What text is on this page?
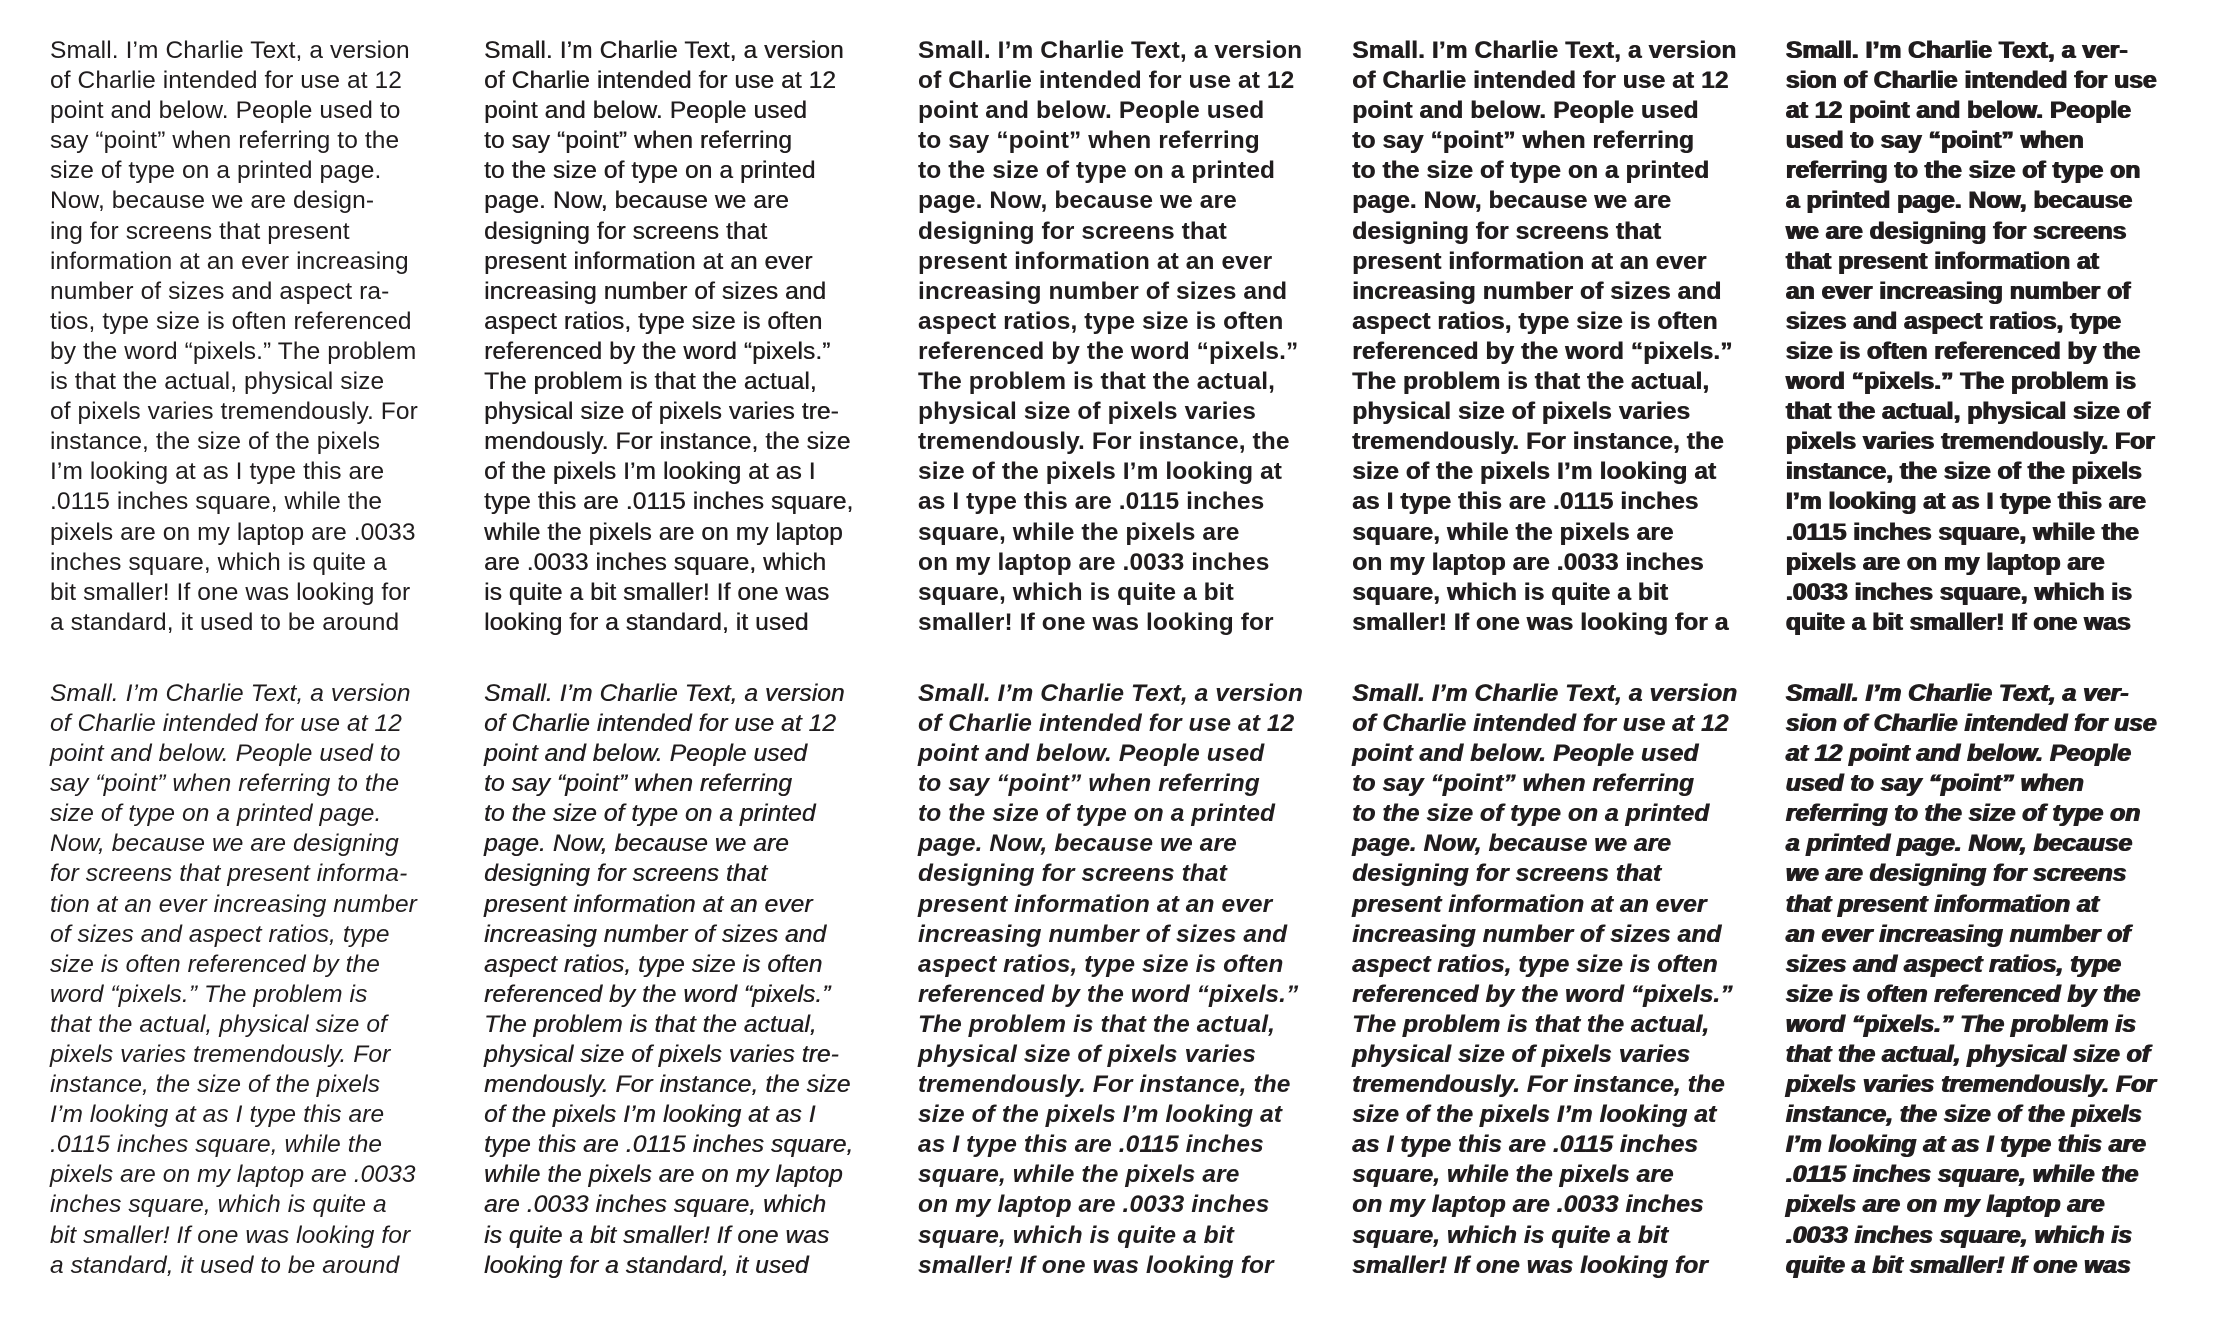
Small. I’m Charlie Text, a version
of Charlie intended for use at 12
point and below. People used to
say “point” when referring to the
size of type on a printed page.
Now, because we are design-
ing for screens that present
information at an ever increasing
number of sizes and aspect ra-
tios, type size is often referenced
by the word “pixels.” The problem
is that the actual, physical size
of pixels varies tremendously. For
instance, the size of the pixels
I’m looking at as I type this are
.0115 inches square, while the
pixels are on my laptop are .0033
inches square, which is quite a
bit smaller! If one was looking for
a standard, it used to be around
Small. I’m Charlie Text, a version
of Charlie intended for use at 12
point and below. People used
to say “point” when referring
to the size of type on a printed
page. Now, because we are
designing for screens that
present information at an ever
increasing number of sizes and
aspect ratios, type size is often
referenced by the word “pixels.”
The problem is that the actual,
physical size of pixels varies tre-
mendously. For instance, the size
of the pixels I’m looking at as I
type this are .0115 inches square,
while the pixels are on my laptop
are .0033 inches square, which
is quite a bit smaller! If one was
looking for a standard, it used
Small. I’m Charlie Text, a version
of Charlie intended for use at 12
point and below. People used
to say “point” when referring
to the size of type on a printed
page. Now, because we are
designing for screens that
present information at an ever
increasing number of sizes and
aspect ratios, type size is often
referenced by the word “pixels.”
The problem is that the actual,
physical size of pixels varies
tremendously. For instance, the
size of the pixels I’m looking at
as I type this are .0115 inches
square, while the pixels are
on my laptop are .0033 inches
square, which is quite a bit
smaller! If one was looking for
Small. I’m Charlie Text, a version
of Charlie intended for use at 12
point and below. People used
to say “point” when referring
to the size of type on a printed
page. Now, because we are
designing for screens that
present information at an ever
increasing number of sizes and
aspect ratios, type size is often
referenced by the word “pixels.”
The problem is that the actual,
physical size of pixels varies
tremendously. For instance, the
size of the pixels I’m looking at
as I type this are .0115 inches
square, while the pixels are
on my laptop are .0033 inches
square, which is quite a bit
smaller! If one was looking for a
Small. I’m Charlie Text, a ver-
sion of Charlie intended for use
at 12 point and below. People
used to say “point” when
referring to the size of type on
a printed page. Now, because
we are designing for screens
that present information at
an ever increasing number of
sizes and aspect ratios, type
size is often referenced by the
word “pixels.” The problem is
that the actual, physical size of
pixels varies tremendously. For
instance, the size of the pixels
I’m looking at as I type this are
.0115 inches square, while the
pixels are on my laptop are
.0033 inches square, which is
quite a bit smaller! If one was
Small. I’m Charlie Text, a version
of Charlie intended for use at 12
point and below. People used to
say “point” when referring to the
size of type on a printed page.
Now, because we are designing
for screens that present informa-
tion at an ever increasing number
of sizes and aspect ratios, type
size is often referenced by the
word “pixels.” The problem is
that the actual, physical size of
pixels varies tremendously. For
instance, the size of the pixels
I’m looking at as I type this are
.0115 inches square, while the
pixels are on my laptop are .0033
inches square, which is quite a
bit smaller! If one was looking for
a standard, it used to be around
Small. I’m Charlie Text, a version
of Charlie intended for use at 12
point and below. People used
to say “point” when referring
to the size of type on a printed
page. Now, because we are
designing for screens that
present information at an ever
increasing number of sizes and
aspect ratios, type size is often
referenced by the word “pixels.”
The problem is that the actual,
physical size of pixels varies tre-
mendously. For instance, the size
of the pixels I’m looking at as I
type this are .0115 inches square,
while the pixels are on my laptop
are .0033 inches square, which
is quite a bit smaller! If one was
looking for a standard, it used
Small. I’m Charlie Text, a version
of Charlie intended for use at 12
point and below. People used
to say “point” when referring
to the size of type on a printed
page. Now, because we are
designing for screens that
present information at an ever
increasing number of sizes and
aspect ratios, type size is often
referenced by the word “pixels.”
The problem is that the actual,
physical size of pixels varies
tremendously. For instance, the
size of the pixels I’m looking at
as I type this are .0115 inches
square, while the pixels are
on my laptop are .0033 inches
square, which is quite a bit
smaller! If one was looking for
Small. I’m Charlie Text, a version
of Charlie intended for use at 12
point and below. People used
to say “point” when referring
to the size of type on a printed
page. Now, because we are
designing for screens that
present information at an ever
increasing number of sizes and
aspect ratios, type size is often
referenced by the word “pixels.”
The problem is that the actual,
physical size of pixels varies
tremendously. For instance, the
size of the pixels I’m looking at
as I type this are .0115 inches
square, while the pixels are
on my laptop are .0033 inches
square, which is quite a bit
smaller! If one was looking for
Small. I’m Charlie Text, a ver-
sion of Charlie intended for use
at 12 point and below. People
used to say “point” when
referring to the size of type on
a printed page. Now, because
we are designing for screens
that present information at
an ever increasing number of
sizes and aspect ratios, type
size is often referenced by the
word “pixels.” The problem is
that the actual, physical size of
pixels varies tremendously. For
instance, the size of the pixels
I’m looking at as I type this are
.0115 inches square, while the
pixels are on my laptop are
.0033 inches square, which is
quite a bit smaller! If one was
